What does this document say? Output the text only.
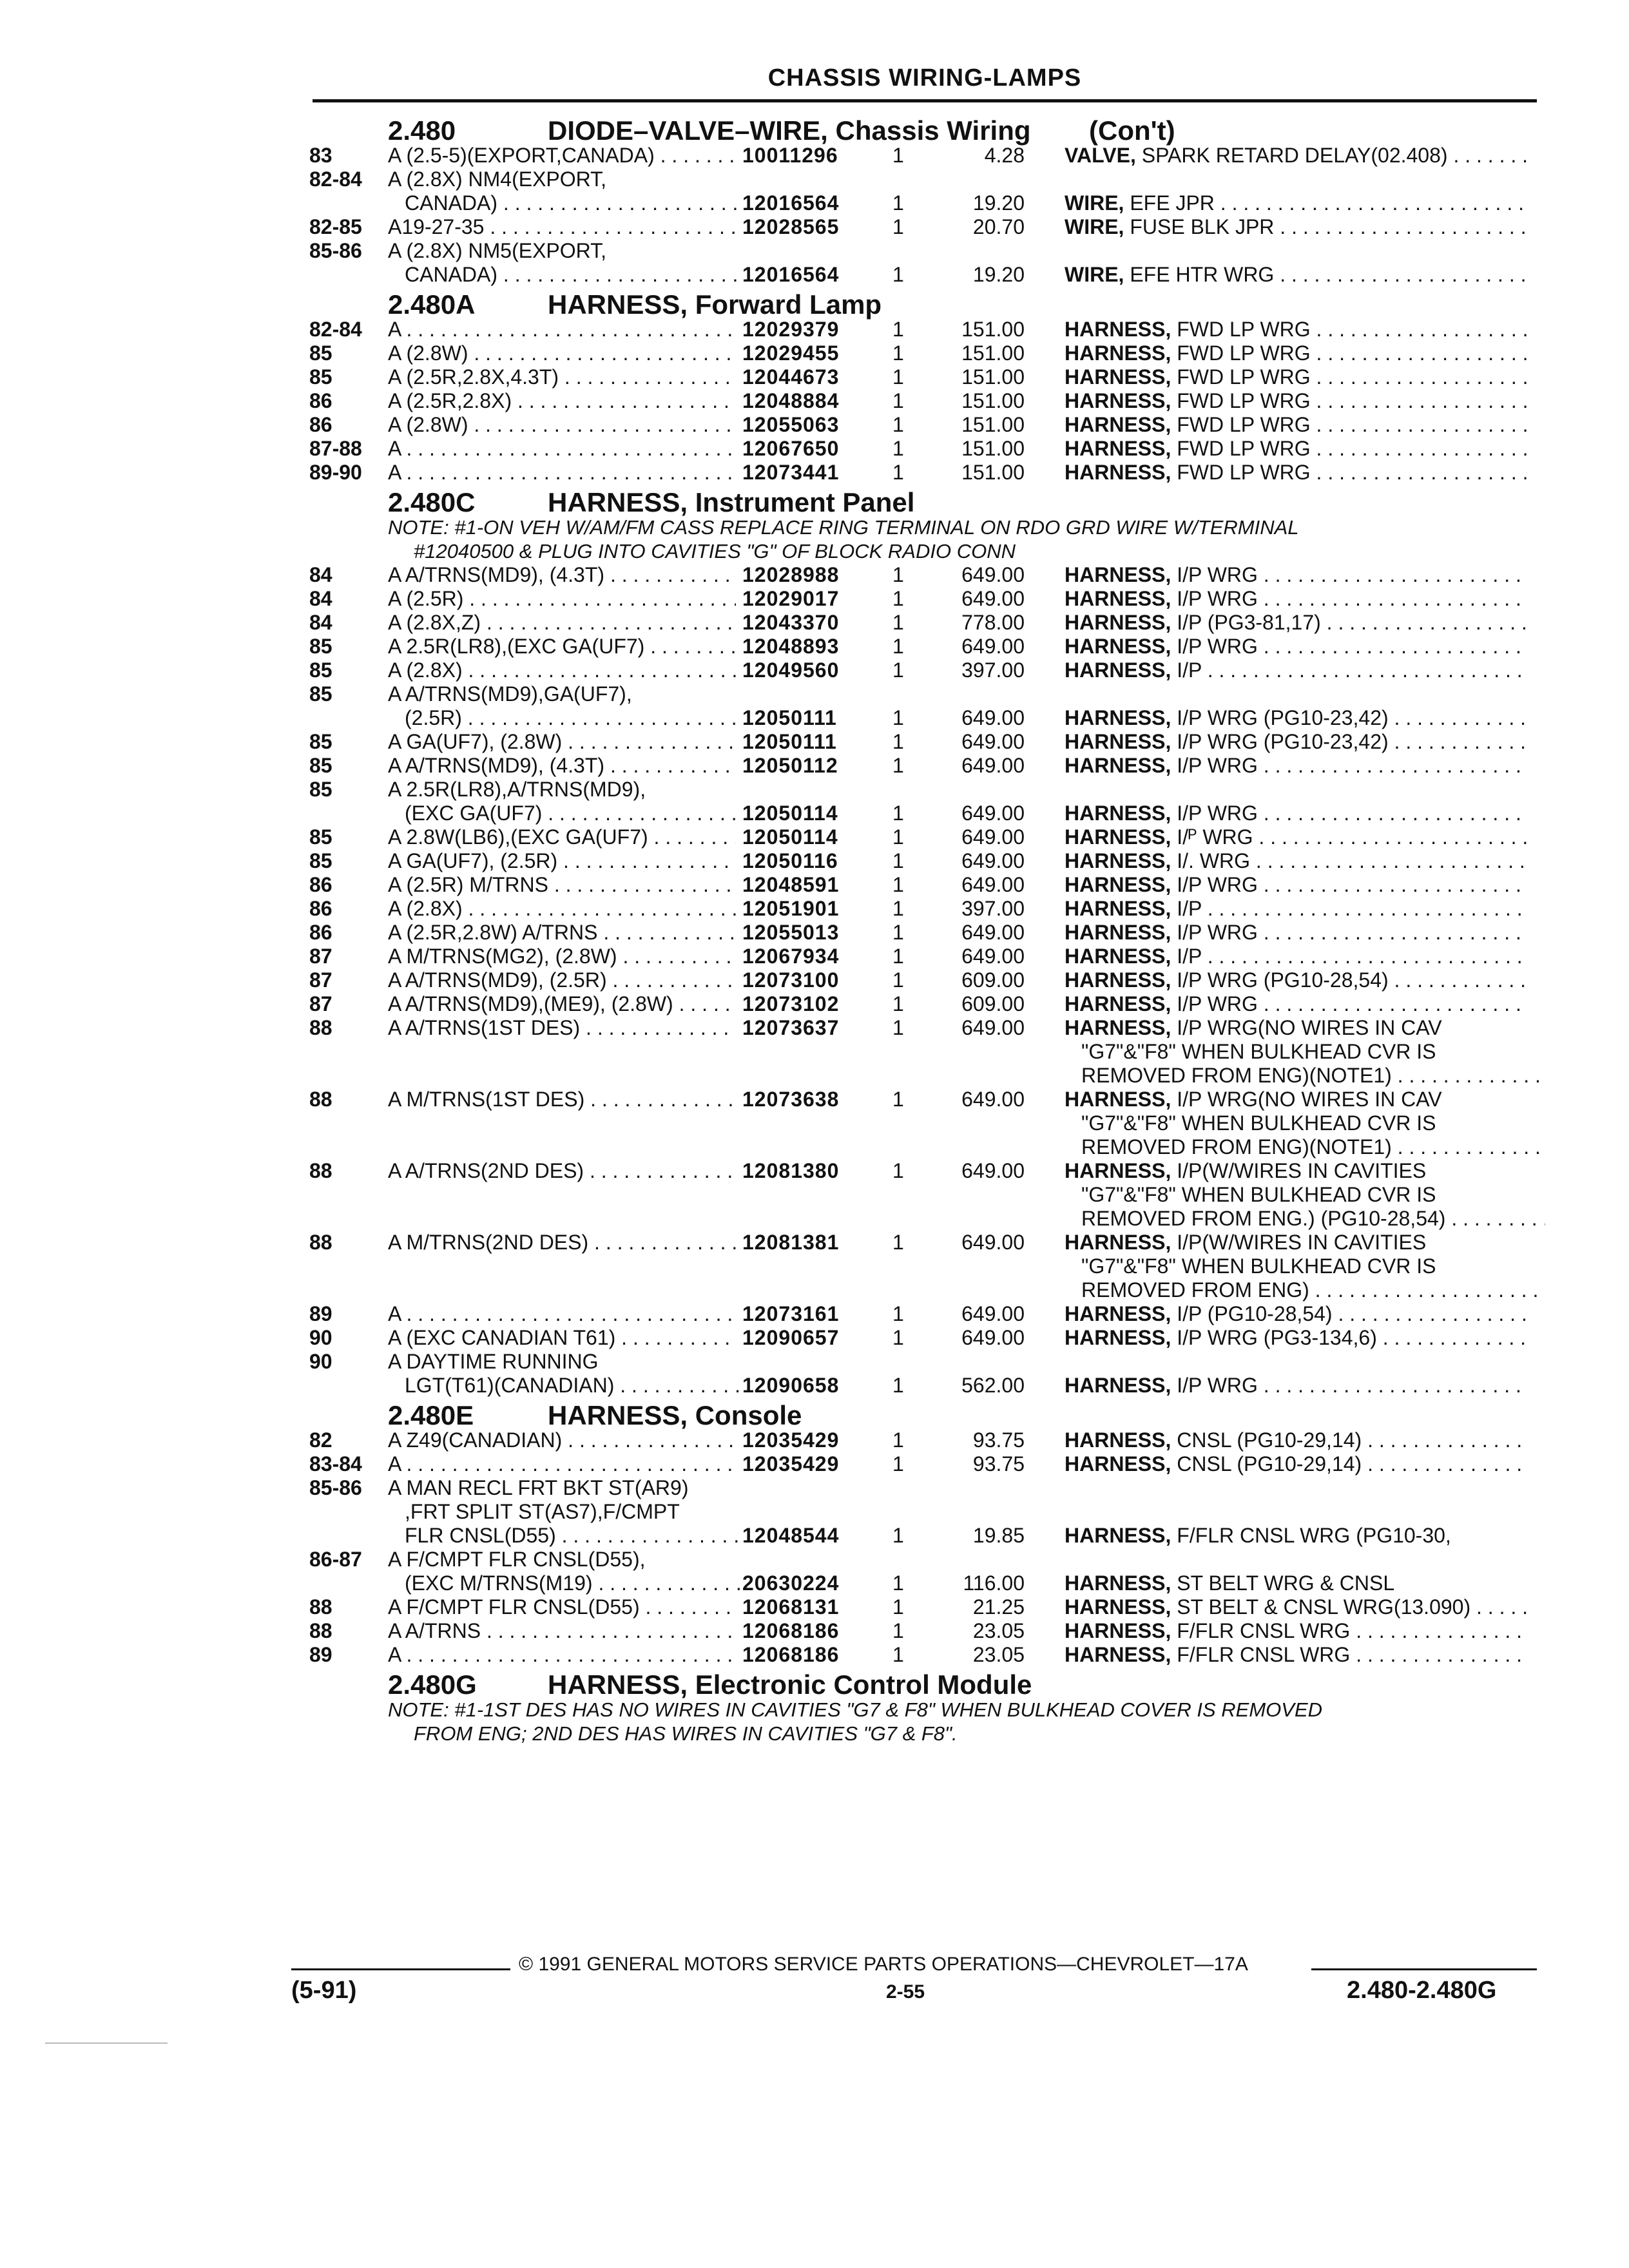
CHASSIS WIRING-LAMPS
2.480	DIODE–VALVE–WIRE, Chassis Wiring (Con't)
83	A (2.5-5)(EXPORT,CANADA) . . .	10011296	1	4.28 VALVE, SPARK RETARD DELAY(02.408) . . .
82-84 A (2.8X) NM4(EXPORT,
CANADA) . . .	12016564	1	19.20 WIRE, EFE JPR . . .
82-85 A19-27-35 . . .	12028565	1	20.70 WIRE, FUSE BLK JPR . . .
85-86 A (2.8X) NM5(EXPORT,
CANADA) . . .	12016564	1	19.20 WIRE, EFE HTR WRG . . .
2.480A	HARNESS, Forward Lamp
82-84 A . . .	12029379	1	151.00 HARNESS, FWD LP WRG . . .
85	A (2.8W) . . .	12029455	1	151.00 HARNESS, FWD LP WRG . . .
85	A (2.5R,2.8X,4.3T) . . .	12044673	1	151.00 HARNESS, FWD LP WRG . . .
86	A (2.5R,2.8X) . . .	12048884	1	151.00 HARNESS, FWD LP WRG . . .
86	A (2.8W) . . .	12055063	1	151.00 HARNESS, FWD LP WRG . . .
87-88 A . . .	12067650	1	151.00 HARNESS, FWD LP WRG . . .
89-90 A . . .	12073441	1	151.00 HARNESS, FWD LP WRG . . .
2.480C	HARNESS, Instrument Panel
NOTE: #1-ON VEH W/AM/FM CASS REPLACE RING TERMINAL ON RDO GRD WIRE W/TERMINAL
#12040500 & PLUG INTO CAVITIES "G" OF BLOCK RADIO CONN
84	A A/TRNS(MD9), (4.3T) . . .	12028988	1	649.00 HARNESS, I/P WRG . . .
84	A (2.5R) . . .	12029017	1	649.00 HARNESS, I/P WRG . . .
84	A (2.8X,Z) . . .	12043370	1	778.00 HARNESS, I/P (PG3-81,17) . . .
85	A 2.5R(LR8),(EXC GA(UF7) . . .	12048893	1	649.00 HARNESS, I/P WRG . . .
85	A (2.8X) . . .	12049560	1	397.00 HARNESS, I/P . . .
85	A A/TRNS(MD9),GA(UF7),
(2.5R) . . .	12050111	1	649.00 HARNESS, I/P WRG (PG10-23,42) . . .
85	A GA(UF7), (2.8W) . . .	12050111	1	649.00 HARNESS, I/P WRG (PG10-23,42) . . .
85	A A/TRNS(MD9), (4.3T) . . .	12050112	1	649.00 HARNESS, I/P WRG . . .
85	A 2.5R(LR8),A/TRNS(MD9),
(EXC GA(UF7) . . .	12050114	1	649.00 HARNESS, I/P WRG . . .
85	A 2.8W(LB6),(EXC GA(UF7) . . .	12050114	1	649.00 HARNESS, I/ᴾ WRG . . .
85	A GA(UF7), (2.5R) . . .	12050116	1	649.00 HARNESS, I/. WRG . . .
86	A (2.5R) M/TRNS . . .	12048591	1	649.00 HARNESS, I/P WRG . . .
86	A (2.8X) . . .	12051901	1	397.00 HARNESS, I/P . . .
86	A (2.5R,2.8W) A/TRNS . . .	12055013	1	649.00 HARNESS, I/P WRG . . .
87	A M/TRNS(MG2), (2.8W) . . .	12067934	1	649.00 HARNESS, I/P . . .
87	A A/TRNS(MD9), (2.5R) . . .	12073100	1	609.00 HARNESS, I/P WRG (PG10-28,54) . . .
87	A A/TRNS(MD9),(ME9), (2.8W) . . .	12073102	1	609.00 HARNESS, I/P WRG . . .
88	A A/TRNS(1ST DES) . . .	12073637	1	649.00 HARNESS, I/P WRG(NO WIRES IN CAV
"G7"&"F8" WHEN BULKHEAD CVR IS
REMOVED FROM ENG)(NOTE1) . . .
88	A M/TRNS(1ST DES) . . .	12073638	1	649.00 HARNESS, I/P WRG(NO WIRES IN CAV
"G7"&"F8" WHEN BULKHEAD CVR IS
REMOVED FROM ENG)(NOTE1) . . .
88	A A/TRNS(2ND DES) . . .	12081380	1	649.00 HARNESS, I/P(W/WIRES IN CAVITIES
"G7"&"F8" WHEN BULKHEAD CVR IS
REMOVED FROM ENG.) (PG10-28,54) . . .
88	A M/TRNS(2ND DES) . . .	12081381	1	649.00 HARNESS, I/P(W/WIRES IN CAVITIES
"G7"&"F8" WHEN BULKHEAD CVR IS
REMOVED FROM ENG) . . .
89	A . . .	12073161	1	649.00 HARNESS, I/P (PG10-28,54) . . .
90	A (EXC CANADIAN T61) . . .	12090657	1	649.00 HARNESS, I/P WRG (PG3-134,6) . . .
90	A DAYTIME RUNNING
LGT(T61)(CANADIAN) . . .	12090658	1	562.00 HARNESS, I/P WRG . . .
2.480E	HARNESS, Console
82	A Z49(CANADIAN) . . .	12035429	1	93.75 HARNESS, CNSL (PG10-29,14) . . .
83-84 A . . .	12035429	1	93.75 HARNESS, CNSL (PG10-29,14) . . .
85-86 A MAN RECL FRT BKT ST(AR9)
,FRT SPLIT ST(AS7),F/CMPT
FLR CNSL(D55) . . .	12048544	1	19.85 HARNESS, F/FLR CNSL WRG (PG10-30,
86-87 A F/CMPT FLR CNSL(D55),
(EXC M/TRNS(M19) . . .	20630224	1	116.00 HARNESS, ST BELT WRG & CNSL
88	A F/CMPT FLR CNSL(D55) . . .	12068131	1	21.25 HARNESS, ST BELT & CNSL WRG(13.090) . . .
88	A A/TRNS . . .	12068186	1	23.05 HARNESS, F/FLR CNSL WRG . . .
89	A . . .	12068186	1	23.05 HARNESS, F/FLR CNSL WRG . . .
2.480G	HARNESS, Electronic Control Module
NOTE: #1-1ST DES HAS NO WIRES IN CAVITIES "G7 & F8" WHEN BULKHEAD COVER IS REMOVED
FROM ENG; 2ND DES HAS WIRES IN CAVITIES "G7 & F8".
© 1991 GENERAL MOTORS SERVICE PARTS OPERATIONS—CHEVROLET—17A
(5-91)	2-55	2.480-2.480G
